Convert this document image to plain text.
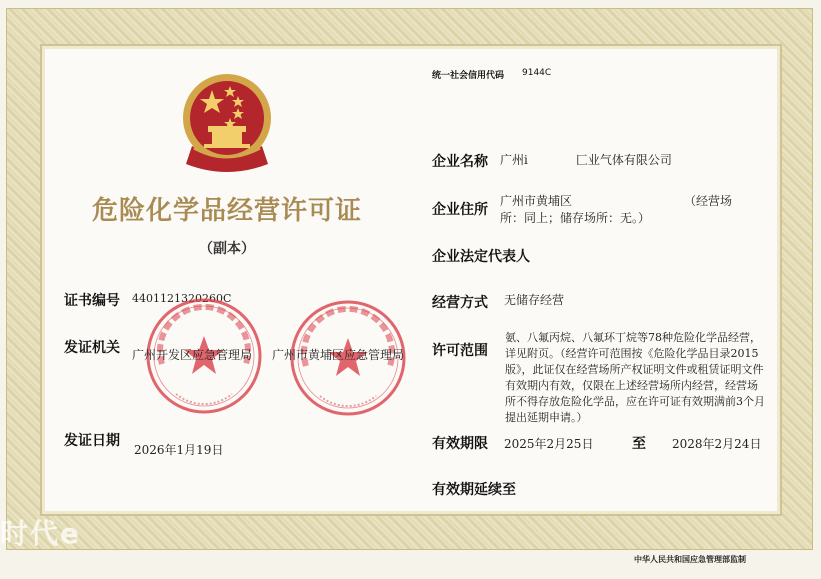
危险化学品经营许可证
（副本）
统一社会信用代码 9144C
企业名称 广州i　　　　匚业气体有限公司
企业住所
广州市黄埔区	（经营场
所：同上；储存场所：无。）
企业法定代表人
经营方式 无储存经营
许可范围
氨、八氟丙烷、八氟环丁烷等78种危险化学品经营，详见附页。（经营许可范围按《危险化学品目录2015版》，此证仅在经营场所产权证明文件或租赁证明文件有效期内有效，仅限在上述经营场所内经营，经营场所不得存放危险化学品，应在许可证有效期满前3个月提出延期申请。）
有效期限 2025年2月25日	至 2028年2月24日
有效期延续至
证书编号 4401121320260C
发证机关 广州开发区应急管理局 广州市黄埔区应急管理局
发证日期
2026年1月19日
时代e
中华人民共和国应急管理部监制
